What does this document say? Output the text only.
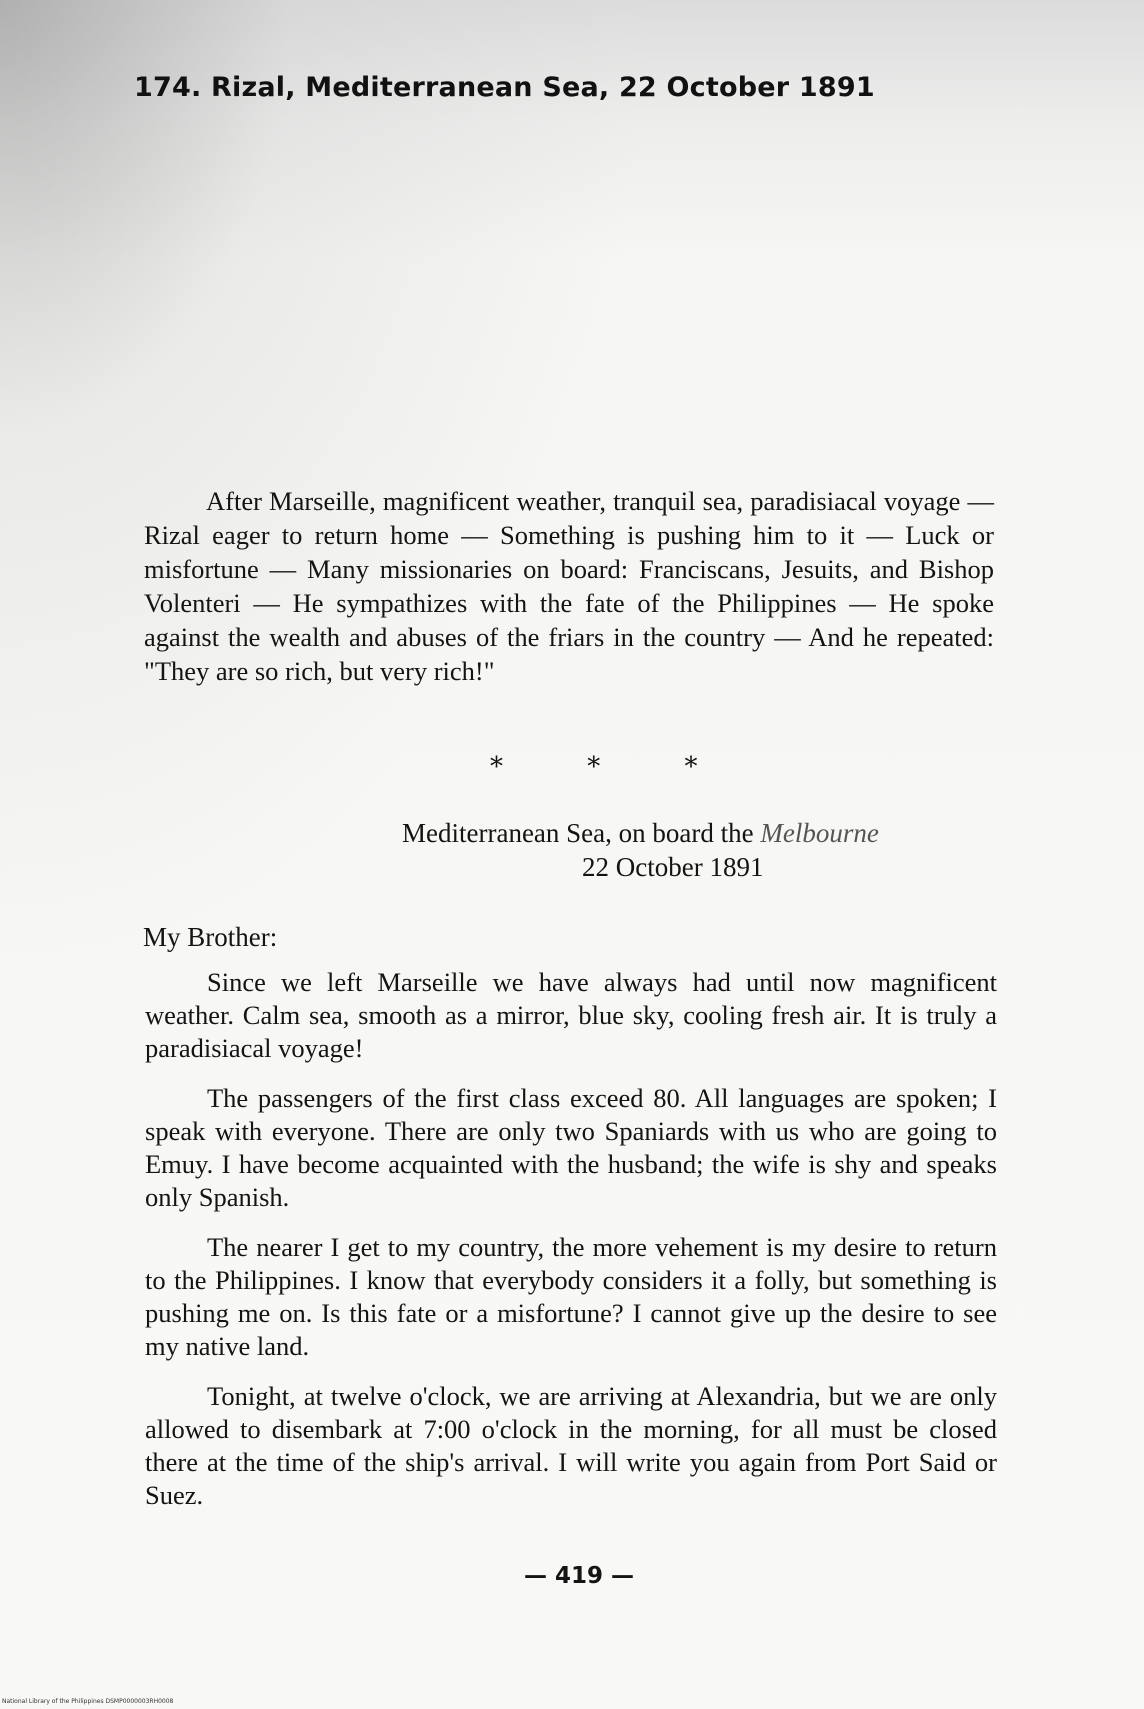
174. Rizal, Mediterranean Sea, 22 October 1891

After Marseille, magnificent weather, tranquil sea, paradisiacal voyage — Rizal eager to return home — Something is pushing him to it — Luck or misfortune — Many missionaries on board: Franciscans, Jesuits, and Bishop Volenteri — He sympathizes with the fate of the Philippines — He spoke against the wealth and abuses of the friars in the country — And he repeated: "They are so rich, but very rich!"

* * *
Mediterranean Sea, on board the Melbourne
22 October 1891
My Brother:

Since we left Marseille we have always had until now magnificent weather. Calm sea, smooth as a mirror, blue sky, cooling fresh air. It is truly a paradisiacal voyage!

The passengers of the first class exceed 80. All languages are spoken; I speak with everyone. There are only two Spaniards with us who are going to Emuy. I have become acquainted with the husband; the wife is shy and speaks only Spanish.

The nearer I get to my country, the more vehement is my desire to return to the Philippines. I know that everybody considers it a folly, but something is pushing me on. Is this fate or a misfortune? I cannot give up the desire to see my native land.

Tonight, at twelve o'clock, we are arriving at Alexandria, but we are only allowed to disembark at 7:00 o'clock in the morning, for all must be closed there at the time of the ship's arrival. I will write you again from Port Said or Suez.

— 419 —
National Library of the Philippines DSMP0000003RH0008
